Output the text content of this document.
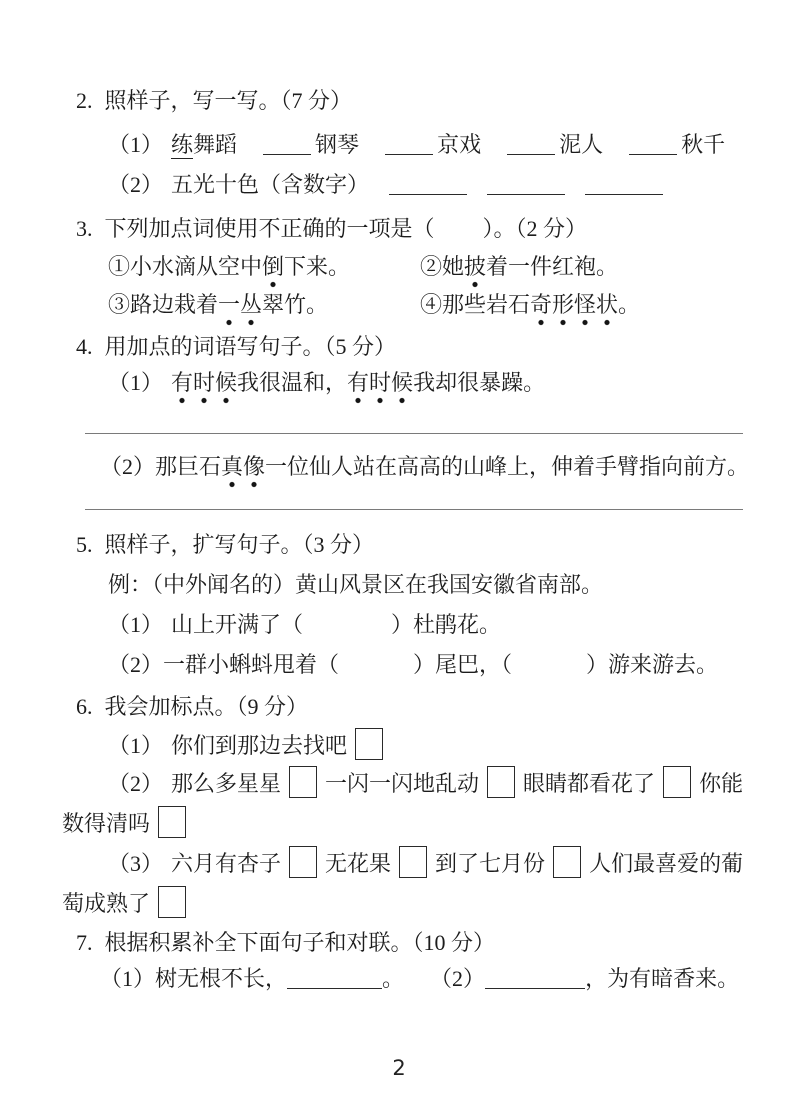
2. 照样子，写一写。（7 分）
（1） 练舞蹈	钢琴	京戏	泥人	秋千
（2） 五光十色（含数字）
3. 下列加点词使用不正确的一项是（ ）。（2 分）
①小水滴从空中倒下来。	②她披着一件红袍。
③路边栽着一丛翠竹。	④那些岩石奇形怪状。
4. 用加点的词语写句子。（5 分）
（1） 有时候我很温和，有时候我却很暴躁。
（2）那巨石真像一位仙人站在高高的山峰上，伸着手臂指向前方。
5. 照样子，扩写句子。（3 分）
例：（中外闻名的）黄山风景区在我国安徽省南部。
（1） 山上开满了（	）杜鹃花。
（2）一群小蝌蚪甩着（	）尾巴，（	）游来游去。
6. 我会加标点。（9 分）
（1） 你们到那边去找吧
（2） 那么多星星 一闪一闪地乱动 眼睛都看花了 你能
数得清吗
（3） 六月有杏子 无花果 到了七月份 人们最喜爱的葡
萄成熟了
7. 根据积累补全下面句子和对联。（10 分）
（1）树无根不长，	。 （2）	，为有暗香来。
2
